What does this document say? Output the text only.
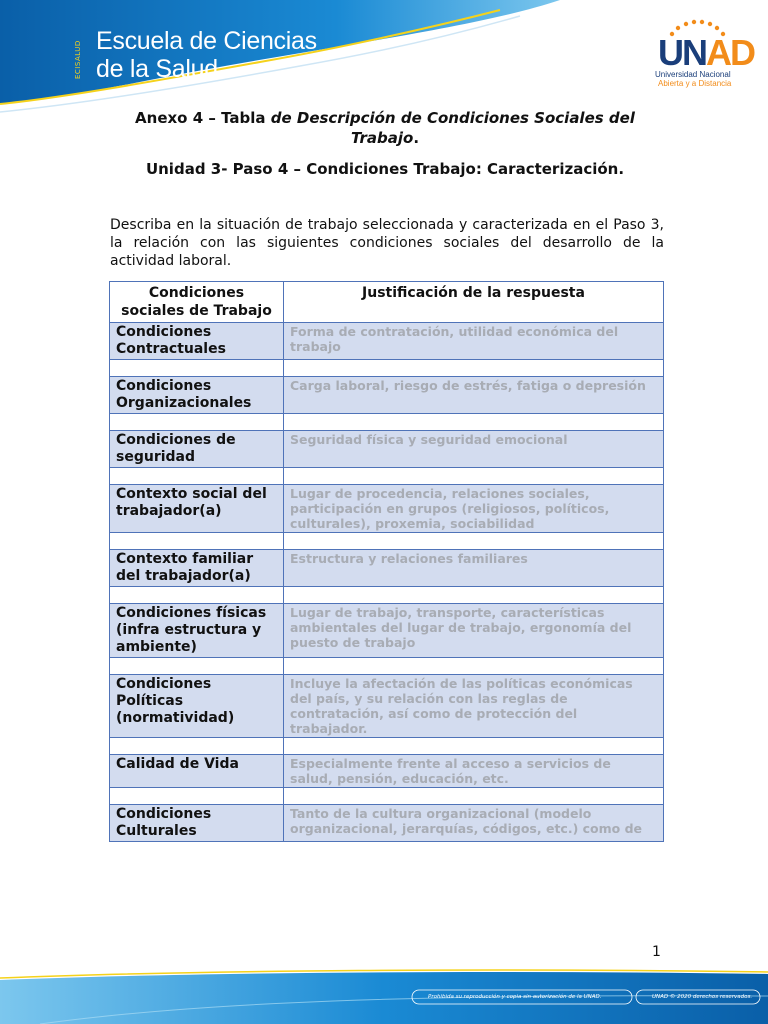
ECISALUD Escuela de Ciencias
de la Salud	UNAD
Universidad Nacional
Abierta y a Distancia
Anexo 4 – Tabla de Descripción de Condiciones Sociales del
Trabajo.
Unidad 3- Paso 4 – Condiciones Trabajo: Caracterización.
Describa en la situación de trabajo seleccionada y caracterizada en el Paso 3, la relación con las siguientes condiciones sociales del desarrollo de la actividad laboral.
Condiciones sociales de Trabajo	Justificación de la respuesta
Condiciones Contractuales	Forma de contratación, utilidad económica del trabajo

Condiciones Organizacionales	Carga laboral, riesgo de estrés, fatiga o depresión

Condiciones de seguridad	Seguridad física y seguridad emocional

Contexto social del trabajador(a)	Lugar de procedencia, relaciones sociales, participación en grupos (religiosos, políticos, culturales), proxemia, sociabilidad

Contexto familiar del trabajador(a)	Estructura y relaciones familiares

Condiciones físicas (infra estructura y ambiente)	Lugar de trabajo, transporte, características ambientales del lugar de trabajo, ergonomía del puesto de trabajo

Condiciones Políticas (normatividad)	Incluye la afectación de las políticas económicas del país, y su relación con las reglas de contratación, así como de protección del trabajador.

Calidad de Vida	Especialmente frente al acceso a servicios de salud, pensión, educación, etc.

Condiciones Culturales	Tanto de la cultura organizacional (modelo organizacional, jerarquías, códigos, etc.) como de
1
Prohibida su reproducción y copia sin autorización de la UNAD.	UNAD © 2020 derechos reservados.
